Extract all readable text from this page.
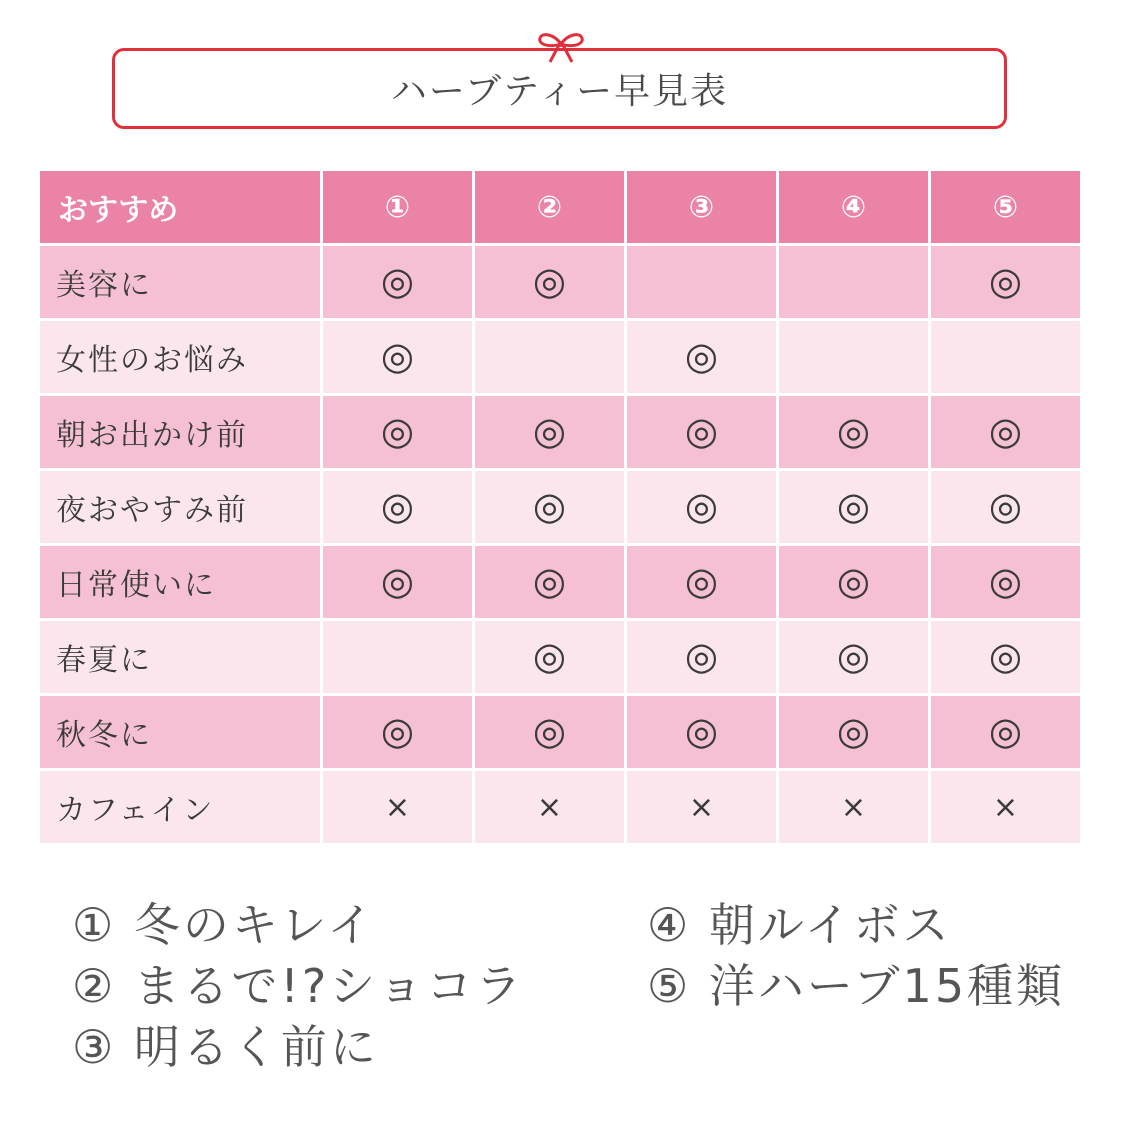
ハーブティー早見表
おすすめ	①	②	③	④	⑤
美容に	◎	◎			◎
女性のお悩み	◎		◎		
朝お出かけ前	◎	◎	◎	◎	◎
夜おやすみ前	◎	◎	◎	◎	◎
日常使いに	◎	◎	◎	◎	◎
春夏に		◎	◎	◎	◎
秋冬に	◎	◎	◎	◎	◎
カフェイン	×	×	×	×	×
① 冬のキレイ
② まるで!?ショコラ
③ 明るく前に
④ 朝ルイボス
⑤ 洋ハーブ15種類
